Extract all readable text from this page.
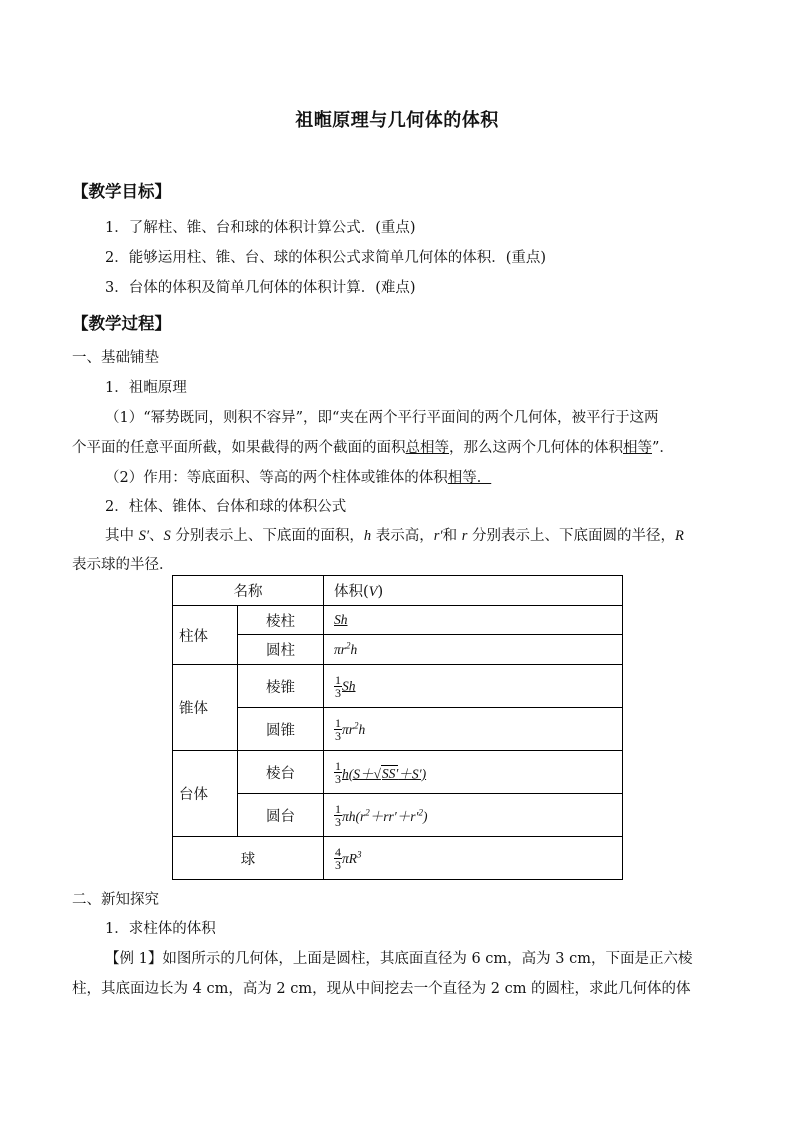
祖暅原理与几何体的体积
【教学目标】
1．了解柱、锥、台和球的体积计算公式．(重点)
2．能够运用柱、锥、台、球的体积公式求简单几何体的体积．(重点)
3．台体的体积及简单几何体的体积计算．(难点)
【教学过程】
一、基础铺垫
1．祖暅原理
（1）“幂势既同，则积不容异”，即“夹在两个平行平面间的两个几何体，被平行于这两
个平面的任意平面所截，如果截得的两个截面的面积总相等，那么这两个几何体的体积相等”．
（2）作用：等底面积、等高的两个柱体或锥体的体积相等．
2．柱体、锥体、台体和球的体积公式
其中 S′、S 分别表示上、下底面的面积，h 表示高，r′和 r 分别表示上、下底面圆的半径，R
表示球的半径．
名称		体积(V)
柱体	棱柱	Sh
	圆柱	$\pi r^2h$
锥体	棱锥	$\frac{1}{3}$ Sh
	圆锥	$\frac{1}{3} \pi r^2h$
台体	棱台	$\frac{1}{3} h(S+√SS'+S')$
	圆台	$\frac{1}{3} \pi h(r^2+rr'+r'^2)$
球		$\frac{4}{3} \pi R^3$
二、新知探究
1．求柱体的体积
【例 1】如图所示的几何体，上面是圆柱，其底面直径为 6 cm，高为 3 cm，下面是正六棱
柱，其底面边长为 4 cm，高为 2 cm，现从中间挖去一个直径为 2 cm 的圆柱，求此几何体的体
